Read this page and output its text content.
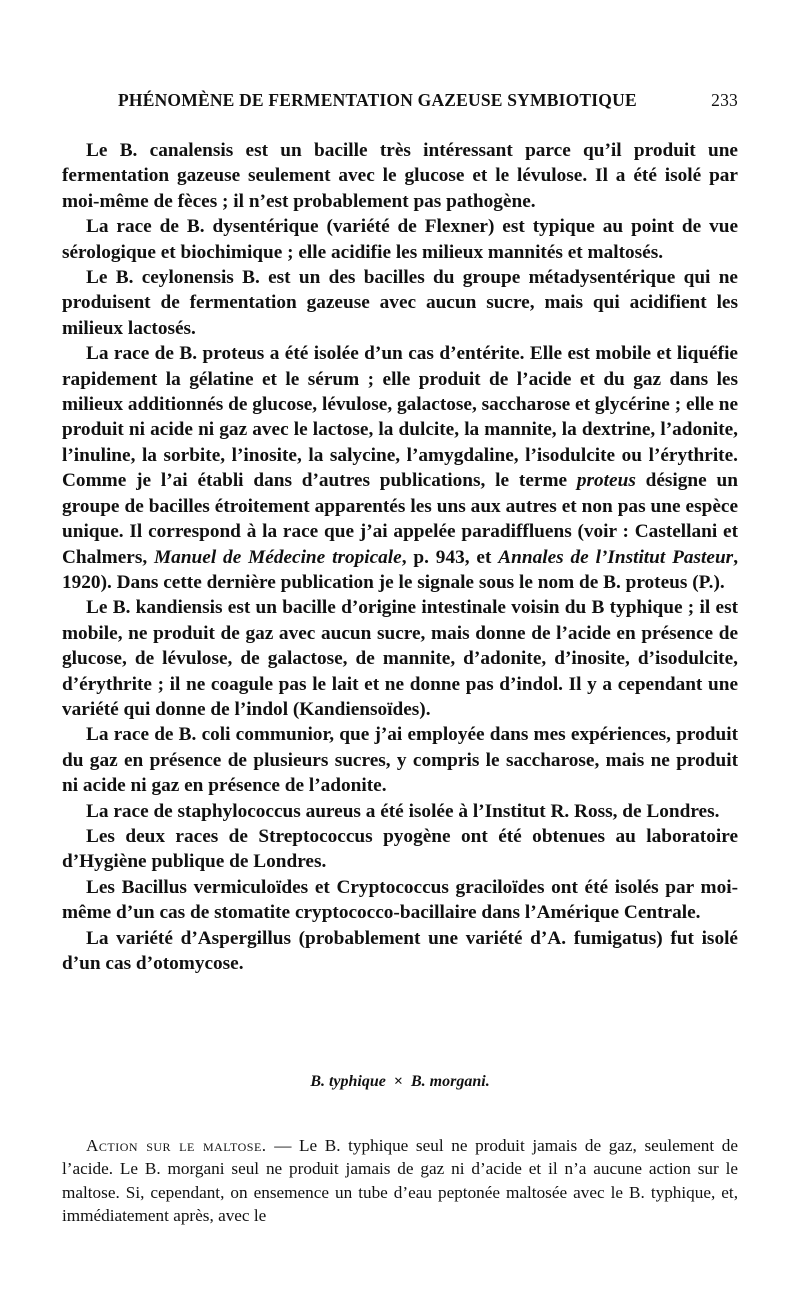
PHÉNOMÈNE DE FERMENTATION GAZEUSE SYMBIOTIQUE	233

Le B. canalensis est un bacille très intéressant parce qu’il produit une fermentation gazeuse seulement avec le glucose et le lévulose. Il a été isolé par moi-même de fèces ; il n’est probablement pas pathogène.

La race de B. dysentérique (variété de Flexner) est typique au point de vue sérologique et biochimique ; elle acidifie les milieux mannités et maltosés.

Le B. ceylonensis B. est un des bacilles du groupe métadysentérique qui ne produisent de fermentation gazeuse avec aucun sucre, mais qui acidifient les milieux lactosés.

La race de B. proteus a été isolée d’un cas d’entérite. Elle est mobile et liquéfie rapidement la gélatine et le sérum ; elle produit de l’acide et du gaz dans les milieux additionnés de glucose, lévulose, galactose, saccharose et glycérine ; elle ne produit ni acide ni gaz avec le lactose, la dulcite, la mannite, la dextrine, l’adonite, l’inuline, la sorbite, l’inosite, la salycine, l’amygdaline, l’isodulcite ou l’érythrite. Comme je l’ai établi dans d’autres publications, le terme proteus désigne un groupe de bacilles étroitement apparentés les uns aux autres et non pas une espèce unique. Il correspond à la race que j’ai appelée paradiffluens (voir : Castellani et Chalmers, Manuel de Médecine tropicale, p. 943, et Annales de l’Institut Pasteur, 1920). Dans cette dernière publication je le signale sous le nom de B. proteus (P.).

Le B. kandiensis est un bacille d’origine intestinale voisin du B typhique ; il est mobile, ne produit de gaz avec aucun sucre, mais donne de l’acide en présence de glucose, de lévulose, de galactose, de mannite, d’adonite, d’inosite, d’isodulcite, d’érythrite ; il ne coagule pas le lait et ne donne pas d’indol. Il y a cependant une variété qui donne de l’indol (Kandiensoïdes).

La race de B. coli communior, que j’ai employée dans mes expériences, produit du gaz en présence de plusieurs sucres, y compris le saccharose, mais ne produit ni acide ni gaz en présence de l’adonite.

La race de staphylococcus aureus a été isolée à l’Institut R. Ross, de Londres.

Les deux races de Streptococcus pyogène ont été obtenues au laboratoire d’Hygiène publique de Londres.

Les Bacillus vermiculoïdes et Cryptococcus graciloïdes ont été isolés par moi-même d’un cas de stomatite cryptococco-bacillaire dans l’Amérique Centrale.

La variété d’Aspergillus (probablement une variété d’A. fumigatus) fut isolé d’un cas d’otomycose.

B. typhique × B. morgani.

Action sur le maltose. — Le B. typhique seul ne produit jamais de gaz, seulement de l’acide. Le B. morgani seul ne produit jamais de gaz ni d’acide et il n’a aucune action sur le maltose. Si, cependant, on ensemence un tube d’eau peptonée maltosée avec le B. typhique, et, immédiatement après, avec le
